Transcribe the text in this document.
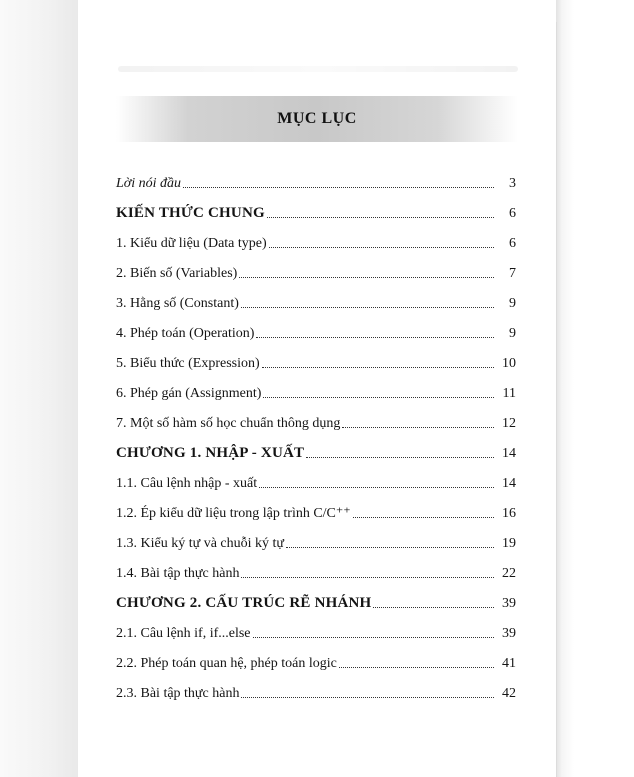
MỤC LỤC
Lời nói đầu	3
KIẾN THỨC CHUNG	6
1. Kiểu dữ liệu (Data type)	6
2. Biến số (Variables)	7
3. Hằng số (Constant)	9
4. Phép toán (Operation)	9
5. Biểu thức (Expression)	10
6. Phép gán (Assignment)	11
7. Một số hàm số học chuẩn thông dụng	12
CHƯƠNG 1. NHẬP - XUẤT	14
1.1. Câu lệnh nhập - xuất	14
1.2. Ép kiểu dữ liệu trong lập trình C/C⁺⁺	16
1.3. Kiểu ký tự và chuỗi ký tự	19
1.4. Bài tập thực hành	22
CHƯƠNG 2. CẤU TRÚC RẼ NHÁNH	39
2.1. Câu lệnh if, if...else	39
2.2. Phép toán quan hệ, phép toán logic	41
2.3. Bài tập thực hành	42
